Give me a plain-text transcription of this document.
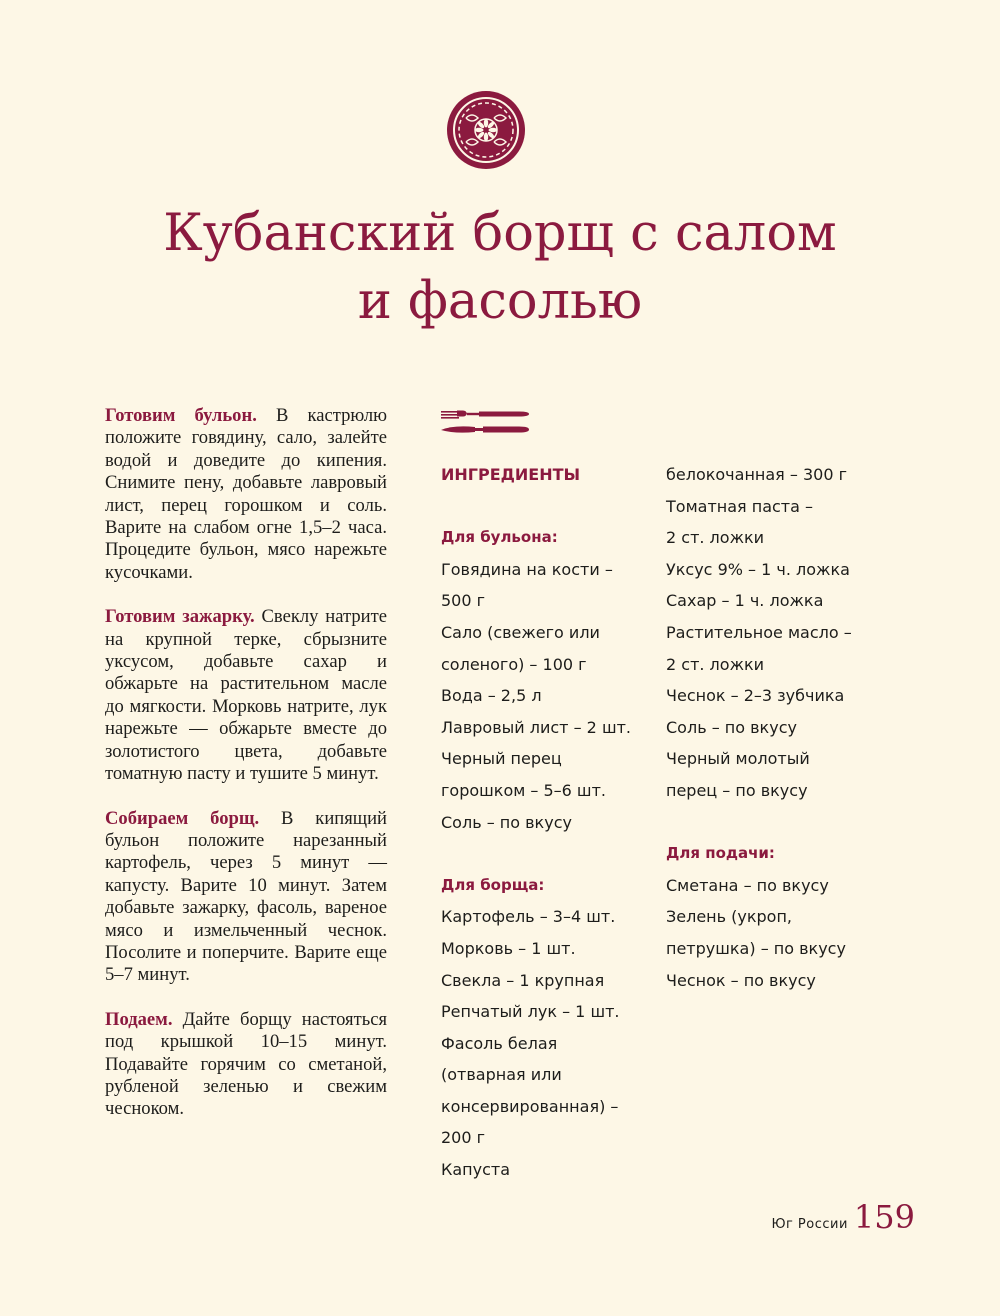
Кубанский борщ с салом
и фасолью

Готовим бульон. В кастрюлю положите говядину, сало, залейте водой и доведите до кипения. Снимите пену, добавьте лавровый лист, перец горошком и соль. Варите на слабом огне 1,5–2 часа. Процедите бульон, мясо нарежьте кусочками.

Готовим зажарку. Свеклу натрите на крупной терке, сбрызните уксусом, добавьте сахар и обжарьте на растительном масле до мягкости. Морковь натрите, лук нарежьте — обжарьте вместе до золотистого цвета, добавьте томатную пасту и тушите 5 минут.

Собираем борщ. В кипящий бульон положите нарезанный картофель, через 5 минут — капусту. Варите 10 минут. Затем добавьте зажарку, фасоль, вареное мясо и измельченный чеснок. Посолите и поперчите. Варите еще 5–7 минут.

Подаем. Дайте борщу настояться под крышкой 10–15 минут. Подавайте горячим со сметаной, рубленой зеленью и свежим чесноком.

ИНГРЕДИЕНТЫ
Для бульона:
Говядина на кости –
500 г
Сало (свежего или
соленого) – 100 г
Вода – 2,5 л
Лавровый лист – 2 шт.
Черный перец
горошком – 5–6 шт.
Соль – по вкусу
Для борща:
Картофель – 3–4 шт.
Морковь – 1 шт.
Свекла – 1 крупная
Репчатый лук – 1 шт.
Фасоль белая
(отварная или
консервированная) –
200 г
Капуста
белокочанная – 300 г
Томатная паста –
2 ст. ложки
Уксус 9% – 1 ч. ложка
Сахар – 1 ч. ложка
Растительное масло –
2 ст. ложки
Чеснок – 2–3 зубчика
Соль – по вкусу
Черный молотый
перец – по вкусу
Для подачи:
Сметана – по вкусу
Зелень (укроп,
петрушка) – по вкусу
Чеснок – по вкусу
Юг России 159
